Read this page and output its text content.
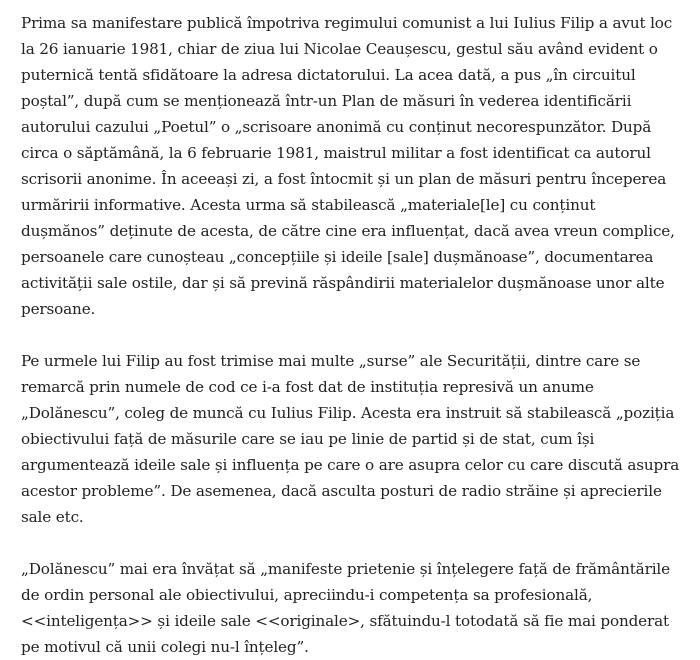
Prima sa manifestare publică împotriva regimului comunist a lui Iulius Filip a avut loc la 26 ianuarie 1981, chiar de ziua lui Nicolae Ceaușescu, gestul său având evident o puternică tentă sfidătoare la adresa dictatorului. La acea dată, a pus „în circuitul poștal”, după cum se menționează într-un Plan de măsuri în vederea identificării autorului cazului „Poetul” o „scrisoare anonimă cu conținut necorespunzător. După circa o săptămână, la 6 februarie 1981, maistrul militar a fost identificat ca autorul scrisorii anonime. În aceeași zi, a fost întocmit și un plan de măsuri pentru începerea urmăririi informative. Acesta urma să stabilească „materiale[le] cu conținut dușmănos” deținute de acesta, de către cine era influențat, dacă avea vreun complice, persoanele care cunoșteau „concepțiile și ideile [sale] dușmănoase”, documentarea activității sale ostile, dar și să prevină răspândirii materialelor dușmănoase unor alte persoane.

Pe urmele lui Filip au fost trimise mai multe „surse” ale Securității, dintre care se remarcă prin numele de cod ce i-a fost dat de instituția represivă un anume „Dolănescu”, coleg de muncă cu Iulius Filip. Acesta era instruit să stabilească „poziția obiectivului față de măsurile care se iau pe linie de partid și de stat, cum își argumentează ideile sale și influența pe care o are asupra celor cu care discută asupra acestor probleme”. De asemenea, dacă asculta posturi de radio străine și aprecierile sale etc.

„Dolănescu” mai era învățat să „manifeste prietenie și înțelegere față de frământările de ordin personal ale obiectivului, apreciindu-i competența sa profesională, <<inteligența>> și ideile sale <<originale>, sfătuindu-l totodată să fie mai ponderat pe motivul că unii colegi nu-l înțeleg”.
